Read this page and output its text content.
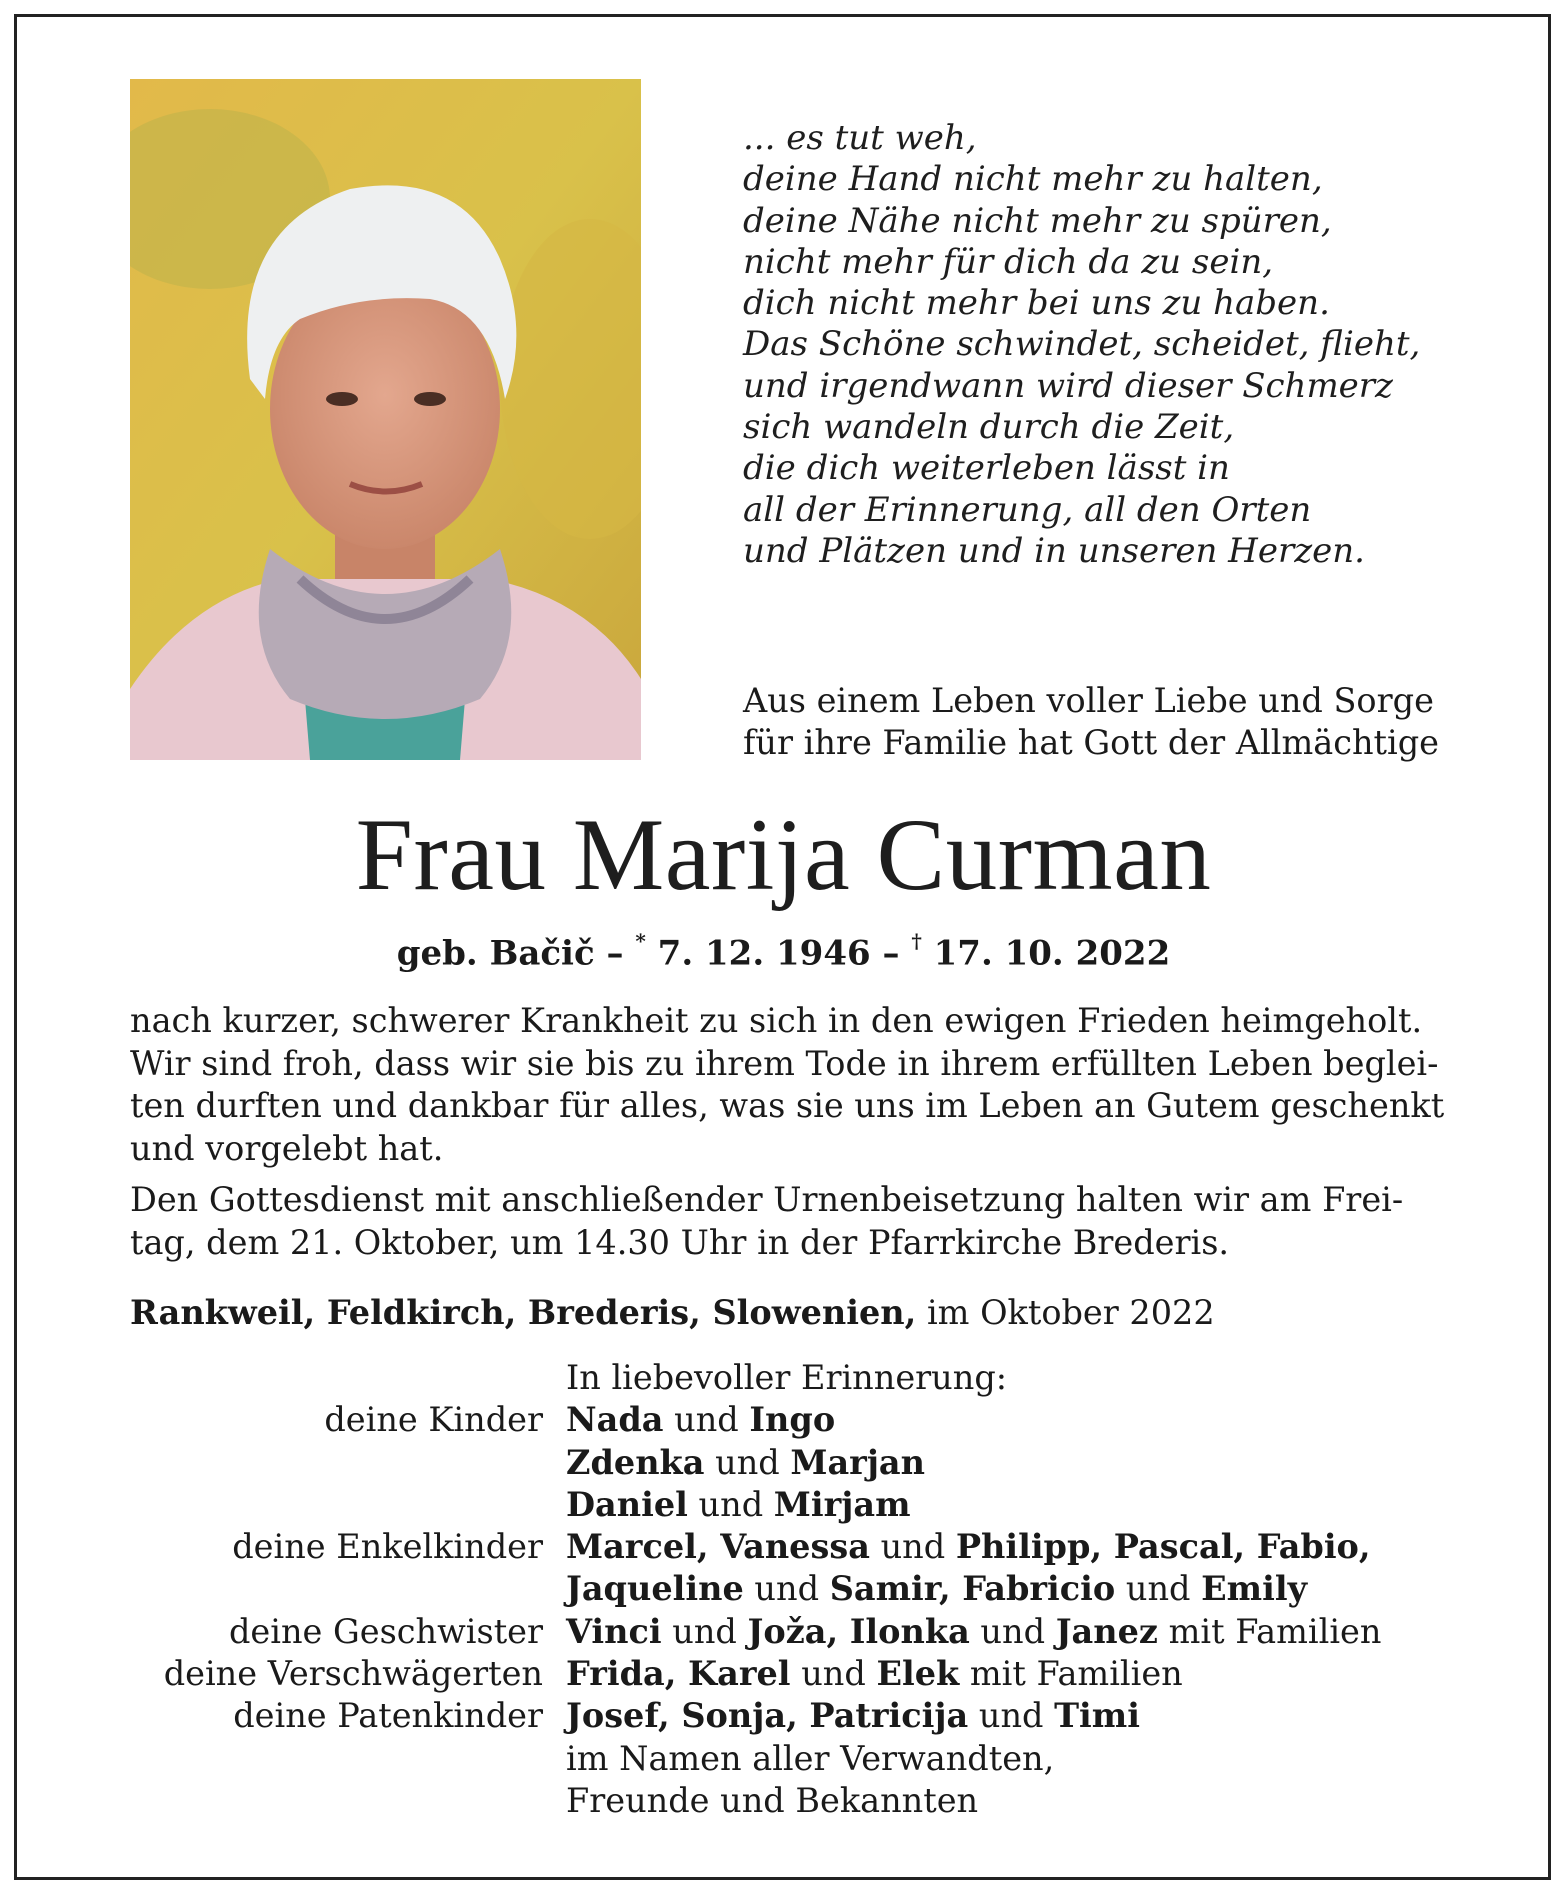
... es tut weh,
deine Hand nicht mehr zu halten,
deine Nähe nicht mehr zu spüren,
nicht mehr für dich da zu sein,
dich nicht mehr bei uns zu haben.
Das Schöne schwindet, scheidet, flieht,
und irgendwann wird dieser Schmerz
sich wandeln durch die Zeit,
die dich weiterleben lässt in
all der Erinnerung, all den Orten
und Plätzen und in unseren Herzen.
Aus einem Leben voller Liebe und Sorge
für ihre Familie hat Gott der Allmächtige
Frau Marija Curman
geb. Bačič – * 7. 12. 1946 – † 17. 10. 2022

nach kurzer, schwerer Krankheit zu sich in den ewigen Frieden heimgeholt.
Wir sind froh, dass wir sie bis zu ihrem Tode in ihrem erfüllten Leben beglei-
ten durften und dankbar für alles, was sie uns im Leben an Gutem geschenkt
und vorgelebt hat.

Den Gottesdienst mit anschließender Urnenbeisetzung halten wir am Frei-
tag, dem 21. Oktober, um 14.30 Uhr in der Pfarrkirche Brederis.

Rankweil, Feldkirch, Brederis, Slowenien, im Oktober 2022
In liebevoller Erinnerung:
deine Kinder Nada und Ingo
Zdenka und Marjan
Daniel und Mirjam
deine Enkelkinder Marcel, Vanessa und Philipp, Pascal, Fabio,
Jaqueline und Samir, Fabricio und Emily
deine Geschwister Vinci und Joža, Ilonka und Janez mit Familien
deine Verschwägerten Frida, Karel und Elek mit Familien
deine Patenkinder Josef, Sonja, Patricija und Timi
im Namen aller Verwandten,
Freunde und Bekannten
